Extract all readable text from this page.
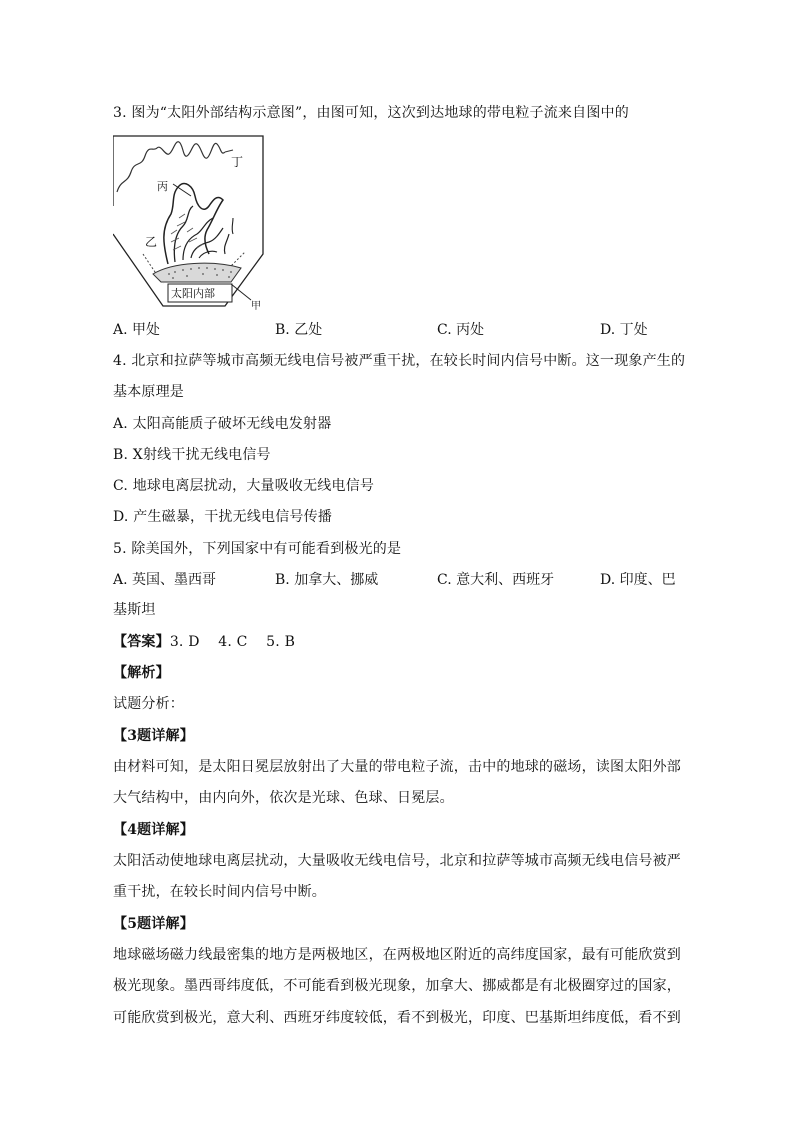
3. 图为“太阳外部结构示意图”，由图可知，这次到达地球的带电粒子流来自图中的
丁
丙
乙
甲
太阳内部
A. 甲处	B. 乙处	C. 丙处	D. 丁处
4. 北京和拉萨等城市高频无线电信号被严重干扰，在较长时间内信号中断。这一现象产生的
基本原理是
A. 太阳高能质子破坏无线电发射器
B. X射线干扰无线电信号
C. 地球电离层扰动，大量吸收无线电信号
D. 产生磁暴，干扰无线电信号传播
5. 除美国外，下列国家中有可能看到极光的是
A. 英国、墨西哥	B. 加拿大、挪威	C. 意大利、西班牙	D. 印度、巴
基斯坦
【答案】3. D    4. C    5. B
【解析】
试题分析：
【3题详解】
由材料可知，是太阳日冕层放射出了大量的带电粒子流，击中的地球的磁场，读图太阳外部
大气结构中，由内向外，依次是光球、色球、日冕层。
【4题详解】
太阳活动使地球电离层扰动，大量吸收无线电信号，北京和拉萨等城市高频无线电信号被严
重干扰，在较长时间内信号中断。
【5题详解】
地球磁场磁力线最密集的地方是两极地区，在两极地区附近的高纬度国家，最有可能欣赏到
极光现象。墨西哥纬度低，不可能看到极光现象，加拿大、挪威都是有北极圈穿过的国家，
可能欣赏到极光，意大利、西班牙纬度较低，看不到极光，印度、巴基斯坦纬度低，看不到
